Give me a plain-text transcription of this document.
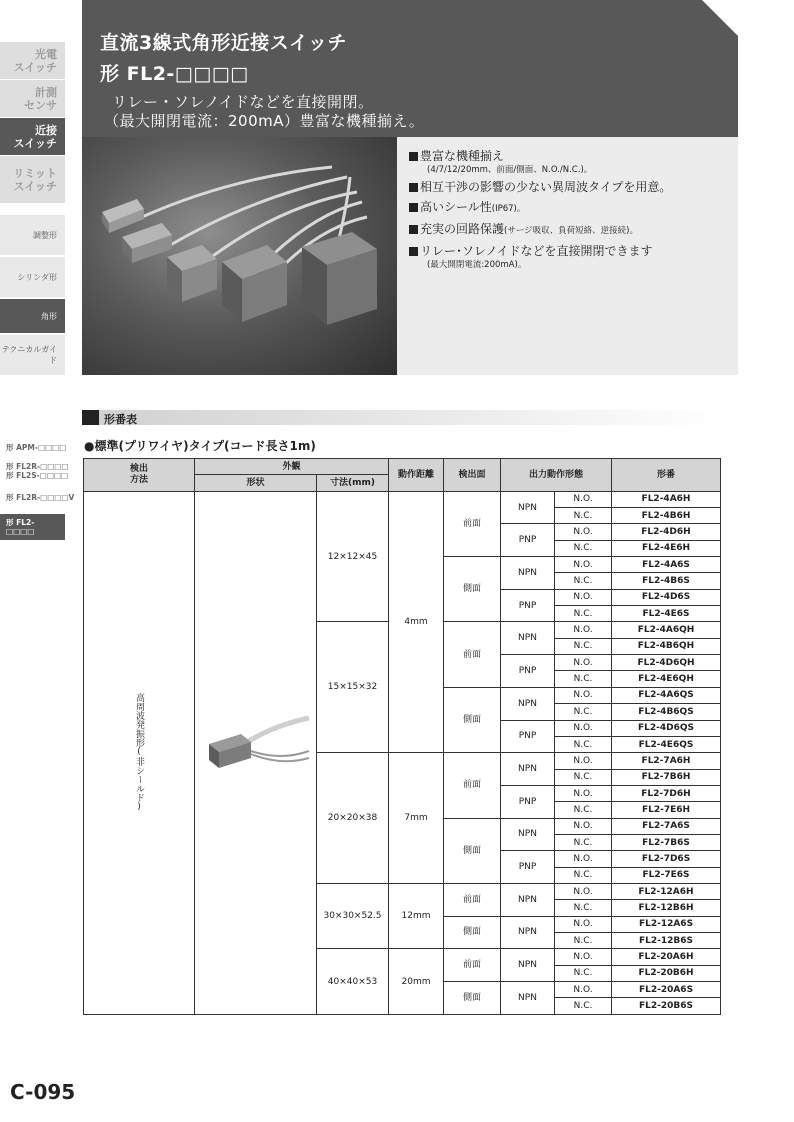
光電
スイッチ
計測
センサ
近接
スイッチ
リミット
スイッチ
調整形
シリンダ形
角形
テクニカルガイド
形 APM-□□□□
形 FL2R-□□□□
形 FL2S-□□□□
形 FL2R-□□□□V
形 FL2-□□□□
直流3線式角形近接スイッチ
形 FL2-□□□□
リレー・ソレノイドなどを直接開閉。
（最大開閉電流：200mA）豊富な機種揃え。
豊富な機種揃え
(4/7/12/20mm、前面/側面、N.O./N.C.)。
相互干渉の影響の少ない異周波タイプを用意。
高いシール性(IP67)。
充実の回路保護(サージ吸収、負荷短絡、逆接続)。
リレー･ソレノイドなどを直接開閉できます
(最大開閉電流:200mA)。
形番表
●標準(プリワイヤ)タイプ(コード長さ1m)
検出
方法	外観		動作距離	検出面	出力動作形態		形番
	形状	寸法(mm)					
高周波発振形(非シールド)		12×12×45	4mm	前面	NPN	N.O.	FL2-4A6H
						N.C.	FL2-4B6H
					PNP	N.O.	FL2-4D6H
						N.C.	FL2-4E6H
				側面	NPN	N.O.	FL2-4A6S
						N.C.	FL2-4B6S
					PNP	N.O.	FL2-4D6S
						N.C.	FL2-4E6S
		15×15×32		前面	NPN	N.O.	FL2-4A6QH
						N.C.	FL2-4B6QH
					PNP	N.O.	FL2-4D6QH
						N.C.	FL2-4E6QH
				側面	NPN	N.O.	FL2-4A6QS
						N.C.	FL2-4B6QS
					PNP	N.O.	FL2-4D6QS
						N.C.	FL2-4E6QS
		20×20×38	7mm	前面	NPN	N.O.	FL2-7A6H
						N.C.	FL2-7B6H
					PNP	N.O.	FL2-7D6H
						N.C.	FL2-7E6H
				側面	NPN	N.O.	FL2-7A6S
						N.C.	FL2-7B6S
					PNP	N.O.	FL2-7D6S
						N.C.	FL2-7E6S
		30×30×52.5	12mm	前面	NPN	N.O.	FL2-12A6H
						N.C.	FL2-12B6H
				側面	NPN	N.O.	FL2-12A6S
						N.C.	FL2-12B6S
		40×40×53	20mm	前面	NPN	N.O.	FL2-20A6H
						N.C.	FL2-20B6H
				側面	NPN	N.O.	FL2-20A6S
						N.C.	FL2-20B6S
C-095
